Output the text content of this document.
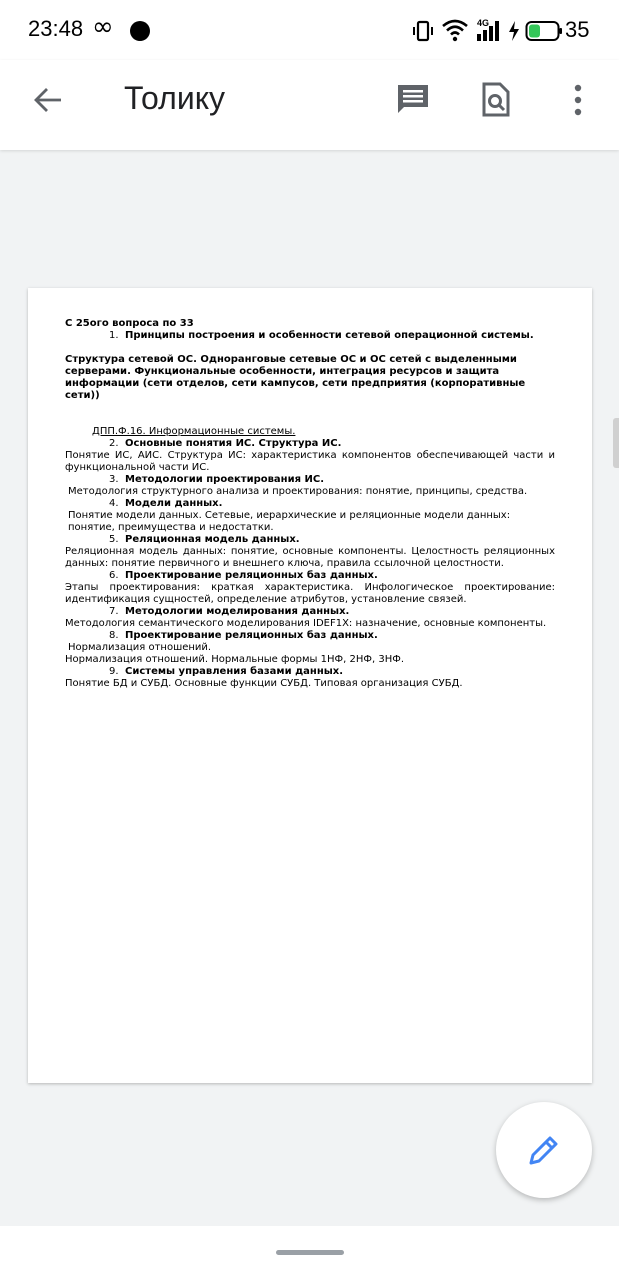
23:48 ∞	4G	35
Толику

С 25ого вопроса по 33

1. Принципы построения и особенности сетевой операционной системы.

Структура сетевой ОС. Одноранговые сетевые ОС и ОС сетей с выделенными серверами. Функциональные особенности, интеграция ресурсов и защита информации (сети отделов, сети кампусов, сети предприятия (корпоративные сети))

ДПП.Ф.16. Информационные системы.

2. Основные понятия ИС. Структура ИС.

Понятие ИС, АИС. Структура ИС: характеристика компонентов обеспечивающей части и функциональной части ИС.

3. Методологии проектирования ИС.

Методология структурного анализа и проектирования: понятие, принципы, средства.

4. Модели данных.

Понятие модели данных. Сетевые, иерархические и реляционные модели данных: понятие, преимущества и недостатки.

5. Реляционная модель данных.

Реляционная модель данных: понятие, основные компоненты. Целостность реляционных данных: понятие первичного и внешнего ключа, правила ссылочной целостности.

6. Проектирование реляционных баз данных.

Этапы проектирования: краткая характеристика. Инфологическое проектирование: идентификация сущностей, определение атрибутов, установление связей.

7. Методологии моделирования данных.

Методология семантического моделирования IDEF1X: назначение, основные компоненты.

8. Проектирование реляционных баз данных.

Нормализация отношений.

Нормализация отношений. Нормальные формы 1НФ, 2НФ, 3НФ.

9. Системы управления базами данных.

Понятие БД и СУБД. Основные функции СУБД. Типовая организация СУБД.
